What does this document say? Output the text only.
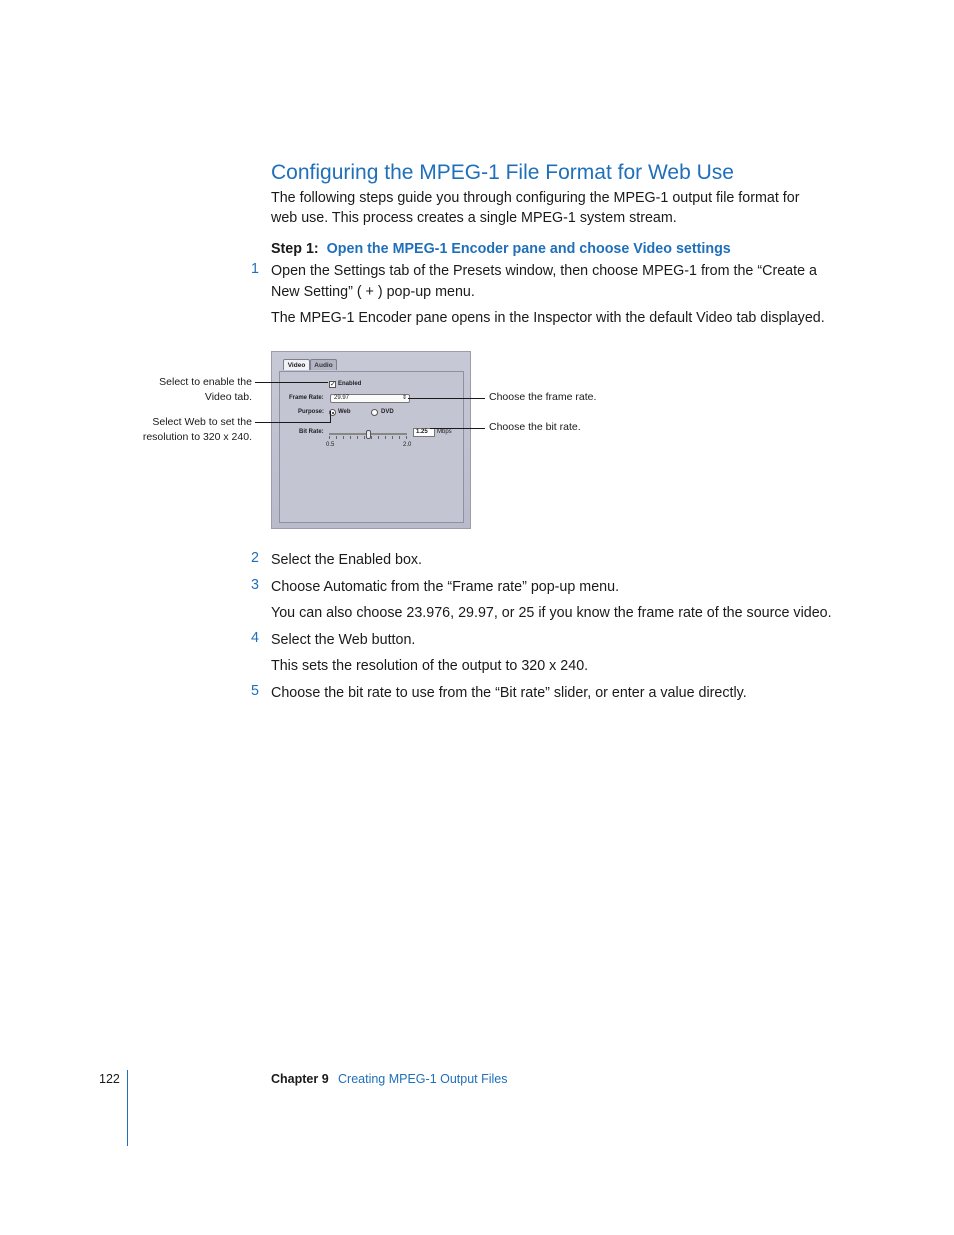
Configuring the MPEG-1 File Format for Web Use
The following steps guide you through configuring the MPEG-1 output file format for
web use. This process creates a single MPEG-1 system stream.
Step 1: Open the MPEG-1 Encoder pane and choose Video settings
1 Open the Settings tab of the Presets window, then choose MPEG-1 from the “Create a
New Setting” ( + ) pop-up menu.
The MPEG-1 Encoder pane opens in the Inspector with the default Video tab displayed.
Select to enable the
Video tab.
Select Web to set the
resolution to 320 x 240.
Choose the frame rate.
Choose the bit rate.
Video	Audio
✓ Enabled
Frame Rate:	29.97	⇕
Purpose: Web	DVD
Bit Rate:
0.5	2.0
1.25	Mbps
2 Select the Enabled box.
3 Choose Automatic from the “Frame rate” pop-up menu.
You can also choose 23.976, 29.97, or 25 if you know the frame rate of the source video.
4 Select the Web button.
This sets the resolution of the output to 320 x 240.
5 Choose the bit rate to use from the “Bit rate” slider, or enter a value directly.
122	Chapter 9 Creating MPEG-1 Output Files
